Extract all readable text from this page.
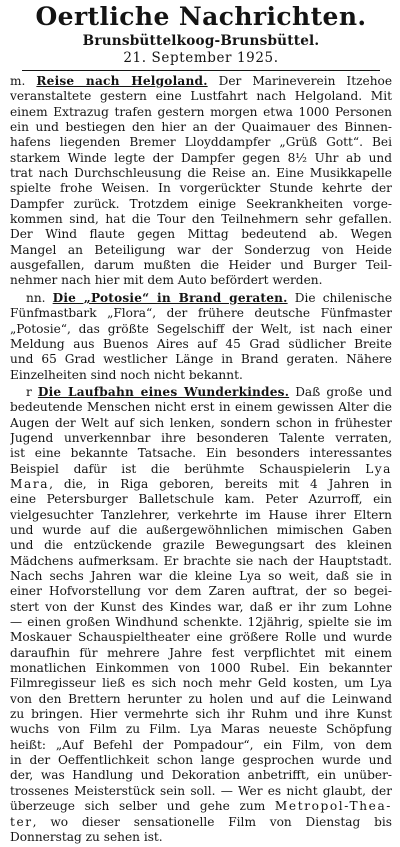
Oertliche Nachrichten.
Brunsbüttelkoog-Brunsbüttel.
21. September 1925.
m. Reise nach Helgoland. Der Marineverein Itzehoe
veranstaltete gestern eine Lustfahrt nach Helgoland. Mit
einem Extrazug trafen gestern morgen etwa 1000 Personen
ein und bestiegen den hier an der Quaimauer des Binnen-
hafens liegenden Bremer Lloyddampfer „Grüß Gott“. Bei
starkem Winde legte der Dampfer gegen 8½ Uhr ab und
trat nach Durchschleusung die Reise an. Eine Musikkapelle
spielte frohe Weisen. In vorgerückter Stunde kehrte der
Dampfer zurück. Trotzdem einige Seekrankheiten vorge-
kommen sind, hat die Tour den Teilnehmern sehr gefallen.
Der Wind flaute gegen Mittag bedeutend ab. Wegen
Mangel an Beteiligung war der Sonderzug von Heide
ausgefallen, darum mußten die Heider und Burger Teil-
nehmer nach hier mit dem Auto befördert werden.
nn. Die „Potosie“ in Brand geraten. Die chilenische
Fünfmastbark „Flora“, der frühere deutsche Fünfmaster
„Potosie“, das größte Segelschiff der Welt, ist nach einer
Meldung aus Buenos Aires auf 45 Grad südlicher Breite
und 65 Grad westlicher Länge in Brand geraten. Nähere
Einzelheiten sind noch nicht bekannt.
r Die Laufbahn eines Wunderkindes. Daß große und
bedeutende Menschen nicht erst in einem gewissen Alter die
Augen der Welt auf sich lenken, sondern schon in frühester
Jugend unverkennbar ihre besonderen Talente verraten,
ist eine bekannte Tatsache. Ein besonders interessantes
Beispiel dafür ist die berühmte Schauspielerin Lya
Mara, die, in Riga geboren, bereits mit 4 Jahren in
eine Petersburger Balletschule kam. Peter Azurroff, ein
vielgesuchter Tanzlehrer, verkehrte im Hause ihrer Eltern
und wurde auf die außergewöhnlichen mimischen Gaben
und die entzückende grazile Bewegungsart des kleinen
Mädchens aufmerksam. Er brachte sie nach der Hauptstadt.
Nach sechs Jahren war die kleine Lya so weit, daß sie in
einer Hofvorstellung vor dem Zaren auftrat, der so begei-
stert von der Kunst des Kindes war, daß er ihr zum Lohne
— einen großen Windhund schenkte. 12jährig, spielte sie im
Moskauer Schauspieltheater eine größere Rolle und wurde
daraufhin für mehrere Jahre fest verpflichtet mit einem
monatlichen Einkommen von 1000 Rubel. Ein bekannter
Filmregisseur ließ es sich noch mehr Geld kosten, um Lya
von den Brettern herunter zu holen und auf die Leinwand
zu bringen. Hier vermehrte sich ihr Ruhm und ihre Kunst
wuchs von Film zu Film. Lya Maras neueste Schöpfung
heißt: „Auf Befehl der Pompadour“, ein Film, von dem
in der Oeffentlichkeit schon lange gesprochen wurde und
der, was Handlung und Dekoration anbetrifft, ein unüber-
trossenes Meisterstück sein soll. — Wer es nicht glaubt, der
überzeuge sich selber und gehe zum Metropol-Thea-
ter, wo dieser sensationelle Film von Dienstag bis
Donnerstag zu sehen ist.
